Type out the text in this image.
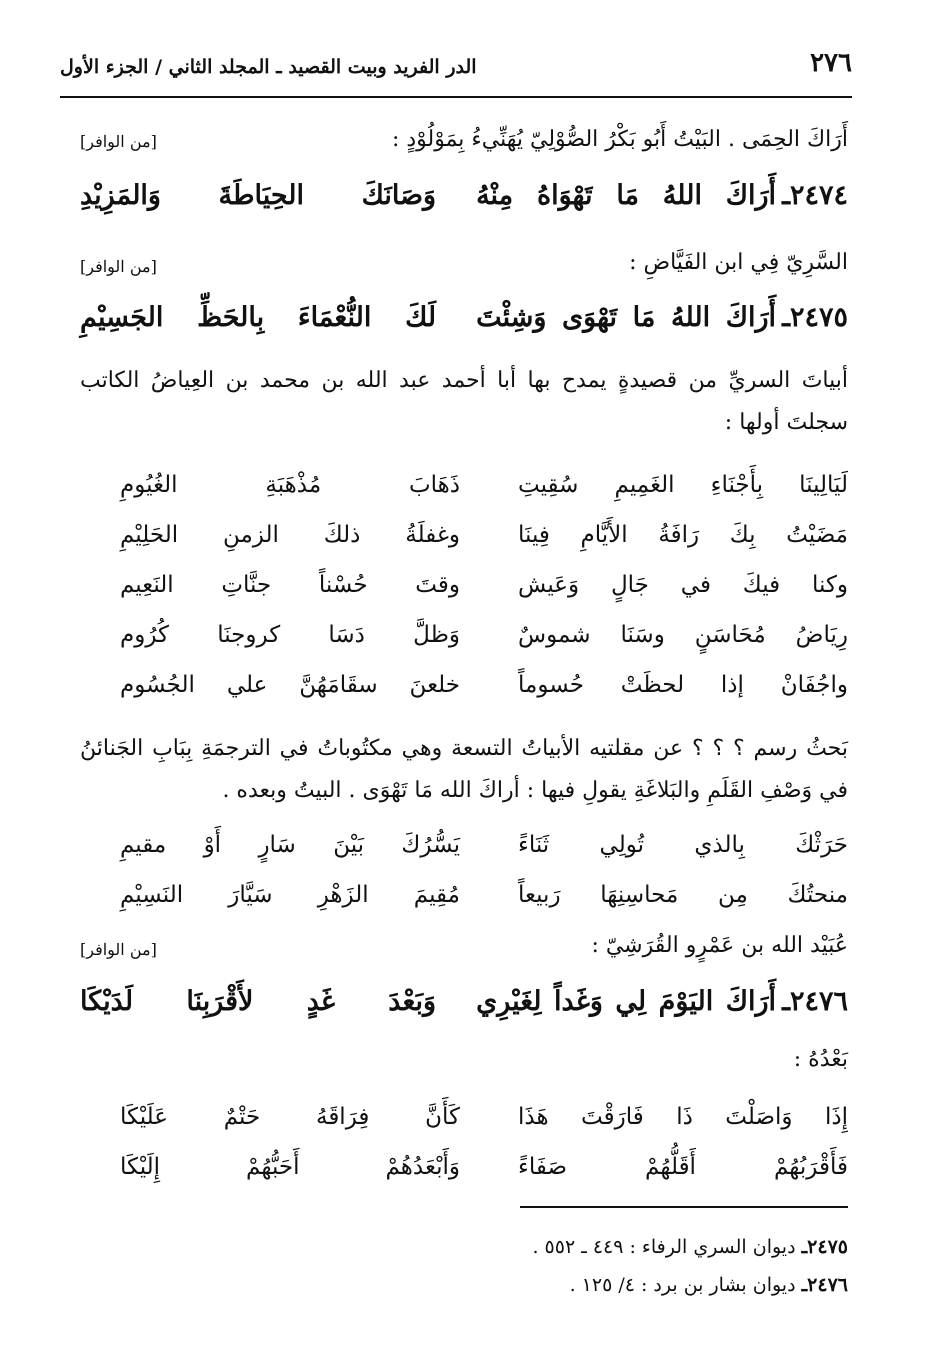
٢٧٦
الدر الفريد وبيت القصيد ـ المجلد الثاني / الجزء الأول
أَرَاكَ الحِمَى . البَيْتُ أَبُو بَكْرُ الصُّوْلِيّ يُهَنِّيءُ بِمَوْلُوْدٍ :
[من الوافر]
٢٤٧٤ـ
أَرَاكَ اللهُ مَا تَهْوَاهُ مِنْهُ
وَصَانَكَ الحِيَاطَةَ وَالمَزِيْدِ
السَّرِيّ فِي ابن الفَيَّاضِ :
[من الوافر]
٢٤٧٥ـ
أَرَاكَ اللهُ مَا تَهْوَى وَشِئْتَ
لَكَ النُّعْمَاءَ بِالحَظِّ الجَسِيْمِ
أبياتَ السريِّ من قصيدةٍ يمدح بها أبا أحمد عبد الله بن محمد بن العِياضُ الكاتب سجلتَ أولها :
لَيَالِينَا بِأَجْنَاءِ الغَمِيمِ سُقِيتِ
ذَهَابَ مُذْهَبَةِ الغُيُومِ
مَضَيْتُ بِكَ رَافَةُ الأَيَّامِ فِينَا
وغفلَةُ ذلكَ الزمنِ الحَلِيْمِ
وكنا فيكَ في جَالٍ وَعَيش
وقتَ حُسْناً جنَّاتِ النَعِيم
رِيَاضُ مُحَاسَنٍ وسَنَا شموسٌ
وَظلَّ دَسَا كروجنَا كُرُوم
واجُفَانْ إذا لحظَتْ حُسوماً
خلعنَ سقَامَهُنَّ علي الجُسُوم
بَحثُ رسم ؟ ؟ ؟ عن مقلتيه الأبياتُ التسعة وهي مكتُوباتُ في الترجمَةِ بِبَابِ الجَنائنُ في وَصْفِ القَلَمِ والبَلاغَةِ يقولِ فيها : أراكَ الله مَا تَهْوَى . البيتُ وبعده .
حَرَثْكَ بِالذي تُولِي ثَنَاءً
يَسُّرُكَ بَيْنَ سَارٍ أَوْ مقيمِ
منحتُكَ مِن مَحاسِنِهَا رَبيعاً
مُقِيمَ الزَهْرِ سَيَّارَ النَسِيْمِ
عُبَيْد الله بن عَمْرٍو القُرَشِيّ :
[من الوافر]
٢٤٧٦ـ
أَرَاكَ اليَوْمَ لِي وَغَداً لِغَيْرِي
وَبَعْدَ غَدٍ لأَقْرَبِنَا لَدَيْكَا
بَعْدُهُ :
إِذَا وَاصَلْتَ ذَا فَارَقْتَ هَذَا
كَأَنَّ فِرَاقَهُ حَتْمٌ عَلَيْكَا
فَأَقْرَبُهُمْ أَقَلُّهُمْ صَفَاءً
وَأَبْعَدُهُمْ أَحَبُّهُمْ إِلَيْكَا
٢٤٧٥ـ ديوان السري الرفاء : ٤٤٩ ـ ٥٥٢ .
٢٤٧٦ـ ديوان بشار بن برد : ٤/ ١٢٥ .
